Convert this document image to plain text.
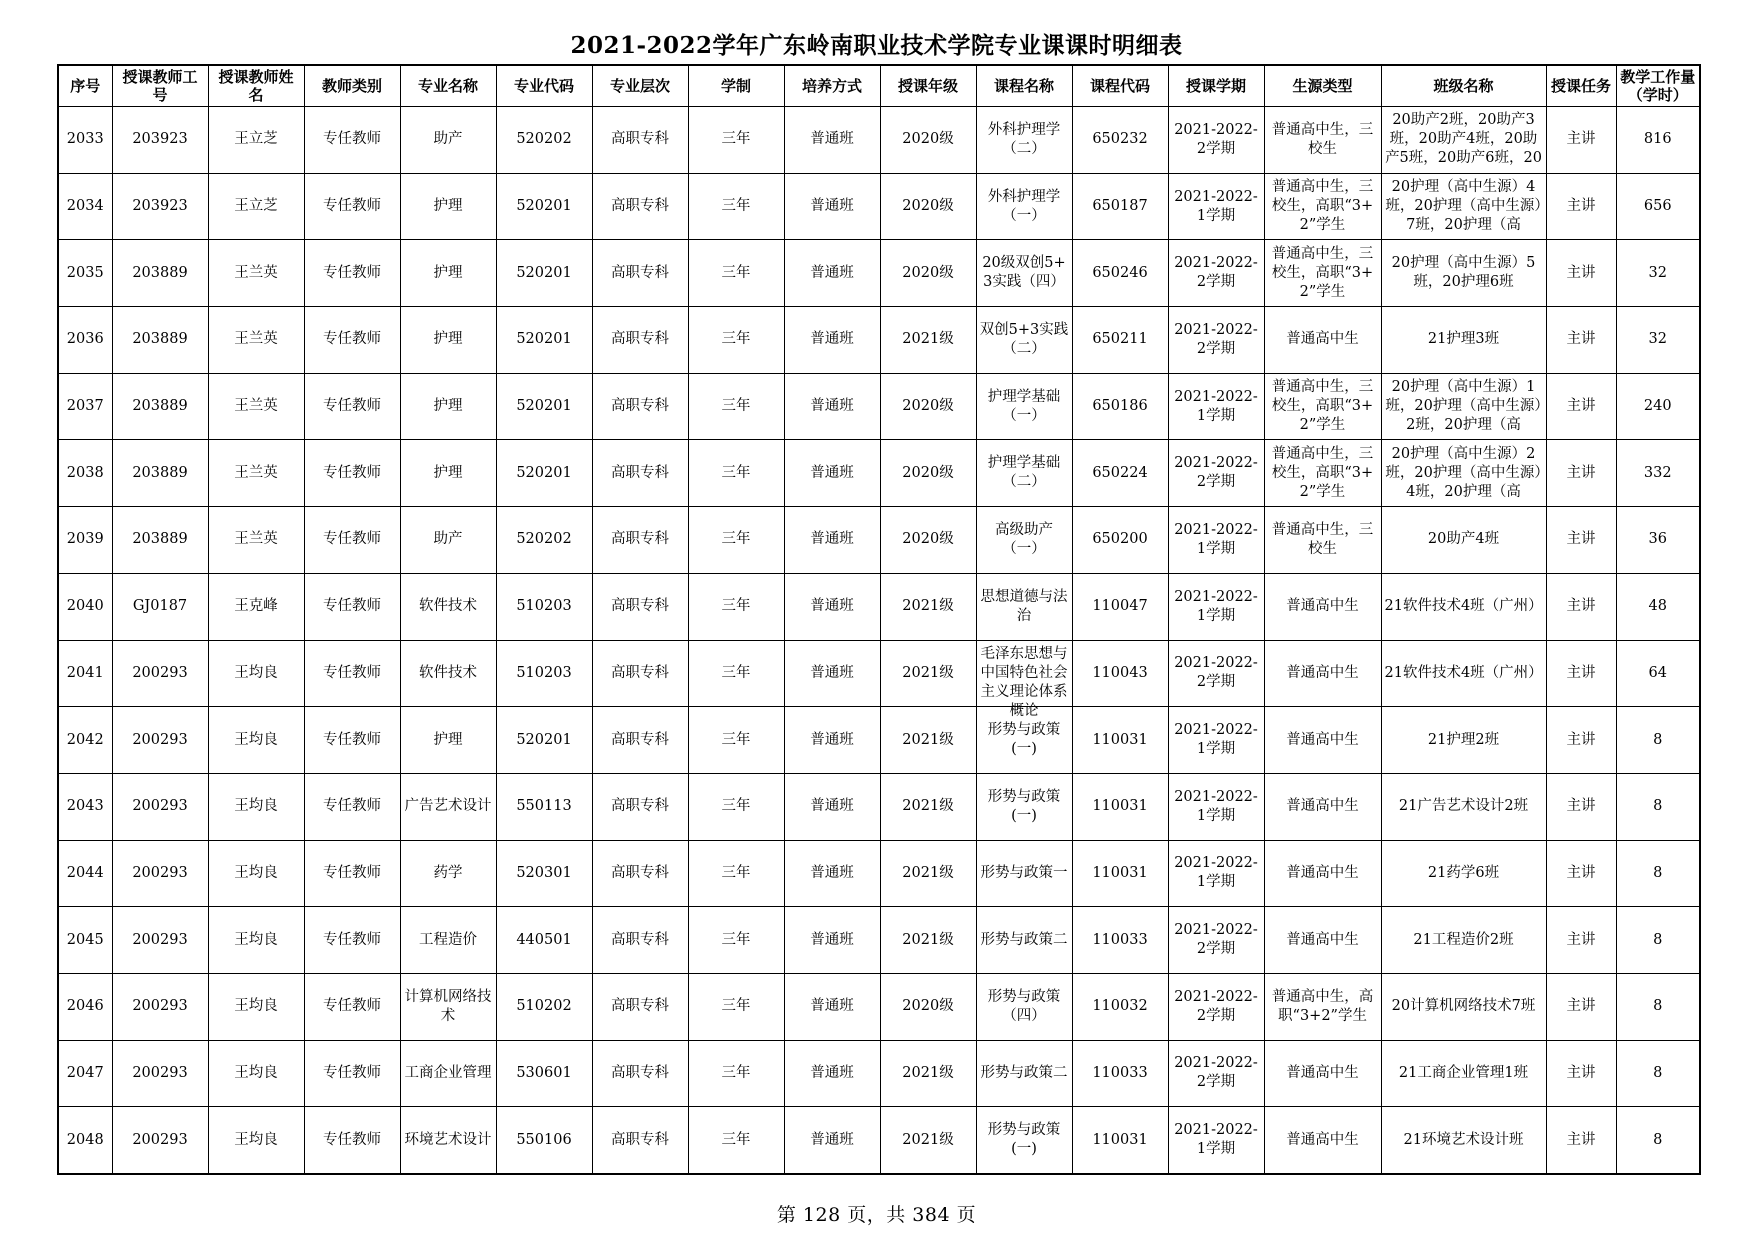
2021-2022学年广东岭南职业技术学院专业课课时明细表
序号	授课教师工号	授课教师姓名	教师类别	专业名称	专业代码	专业层次	学制	培养方式	授课年级	课程名称	课程代码	授课学期	生源类型	班级名称	授课任务	教学工作量（学时）

2033	203923	王立芝	专任教师	助产	520202	高职专科	三年	普通班	2020级	外科护理学（二）	650232	2021-2022-2学期	普通高中生，三校生	20助产2班，20助产3班，20助产4班，20助产5班，20助产6班，20	主讲	816

2034	203923	王立芝	专任教师	护理	520201	高职专科	三年	普通班	2020级	外科护理学（一）	650187	2021-2022-1学期	普通高中生，三校生，高职“3+2”学生	20护理（高中生源）4班，20护理（高中生源）7班，20护理（高	主讲	656

2035	203889	王兰英	专任教师	护理	520201	高职专科	三年	普通班	2020级	20级双创5+3实践（四）	650246	2021-2022-2学期	普通高中生，三校生，高职“3+2”学生	20护理（高中生源）5班，20护理6班	主讲	32

2036	203889	王兰英	专任教师	护理	520201	高职专科	三年	普通班	2021级	双创5+3实践（二）	650211	2021-2022-2学期	普通高中生	21护理3班	主讲	32

2037	203889	王兰英	专任教师	护理	520201	高职专科	三年	普通班	2020级	护理学基础（一）	650186	2021-2022-1学期	普通高中生，三校生，高职“3+2”学生	20护理（高中生源）1班，20护理（高中生源）2班，20护理（高	主讲	240

2038	203889	王兰英	专任教师	护理	520201	高职专科	三年	普通班	2020级	护理学基础（二）	650224	2021-2022-2学期	普通高中生，三校生，高职“3+2”学生	20护理（高中生源）2班，20护理（高中生源）4班，20护理（高	主讲	332

2039	203889	王兰英	专任教师	助产	520202	高职专科	三年	普通班	2020级	高级助产（一）	650200	2021-2022-1学期	普通高中生，三校生	20助产4班	主讲	36

2040	GJ0187	王克峰	专任教师	软件技术	510203	高职专科	三年	普通班	2021级	思想道德与法治	110047	2021-2022-1学期	普通高中生	21软件技术4班（广州）	主讲	48

2041	200293	王均良	专任教师	软件技术	510203	高职专科	三年	普通班	2021级	毛泽东思想与中国特色社会主义理论体系概论	110043	2021-2022-2学期	普通高中生	21软件技术4班（广州）	主讲	64

2042	200293	王均良	专任教师	护理	520201	高职专科	三年	普通班	2021级	形势与政策(一)	110031	2021-2022-1学期	普通高中生	21护理2班	主讲	8

2043	200293	王均良	专任教师	广告艺术设计	550113	高职专科	三年	普通班	2021级	形势与政策(一)	110031	2021-2022-1学期	普通高中生	21广告艺术设计2班	主讲	8

2044	200293	王均良	专任教师	药学	520301	高职专科	三年	普通班	2021级	形势与政策一	110031	2021-2022-1学期	普通高中生	21药学6班	主讲	8

2045	200293	王均良	专任教师	工程造价	440501	高职专科	三年	普通班	2021级	形势与政策二	110033	2021-2022-2学期	普通高中生	21工程造价2班	主讲	8

2046	200293	王均良	专任教师	计算机网络技术	510202	高职专科	三年	普通班	2020级	形势与政策（四）	110032	2021-2022-2学期	普通高中生，高职“3+2”学生	20计算机网络技术7班	主讲	8

2047	200293	王均良	专任教师	工商企业管理	530601	高职专科	三年	普通班	2021级	形势与政策二	110033	2021-2022-2学期	普通高中生	21工商企业管理1班	主讲	8

2048	200293	王均良	专任教师	环境艺术设计	550106	高职专科	三年	普通班	2021级	形势与政策(一)	110031	2021-2022-1学期	普通高中生	21环境艺术设计班	主讲	8
第 128 页，共 384 页
